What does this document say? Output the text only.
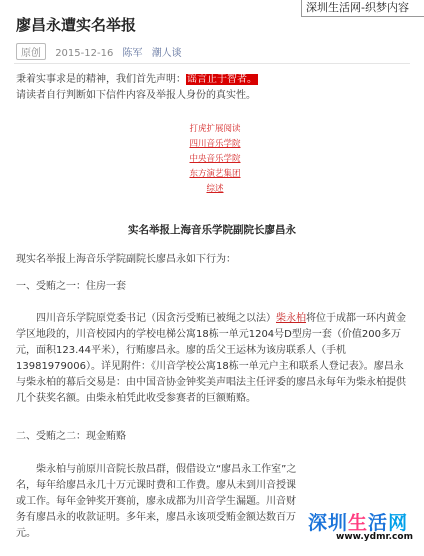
深圳生活网-织梦内容
廖昌永遭实名举报
原创 2015-12-16 陈军 潮人谈
秉着实事求是的精神，我们首先声明：谣言止于智者。
请读者自行判断如下信件内容及举报人身份的真实性。
打虎扩展阅读
四川音乐学院
中央音乐学院
东方演艺集团
综述
实名举报上海音乐学院副院长廖昌永
现实名举报上海音乐学院副院长廖昌永如下行为：
一、受贿之一：住房一套
四川音乐学院原党委书记（因贪污受贿已被绳之以法）柴永柏将位于成都一环内黄金学区地段的，川音校园内的学校电梯公寓18栋一单元1204号D型房一套（价值200多万元，面积123.44平米），行贿廖昌永。廖的岳父王运林为该房联系人（手机13981979006）。详见附件：《川音学校公寓18栋一单元户主和联系人登记表》。廖昌永与柴永柏的幕后交易是：由中国音协金钟奖美声唱法主任评委的廖昌永每年为柴永柏提供几个获奖名额。由柴永柏凭此收受参赛者的巨额贿赂。
二、受贿之二：现金贿赂
柴永柏与前原川音院长敖昌群，假借设立“廖昌永工作室”之名，每年给廖昌永几十万元课时费和工作费。廖从未到川音授课或工作。每年金钟奖开赛前，廖永成都为川音学生漏题。川音财务有廖昌永的收款证明。多年来，廖昌永该项受贿金额达数百万元。	深圳生活网
www.ydmr.com
